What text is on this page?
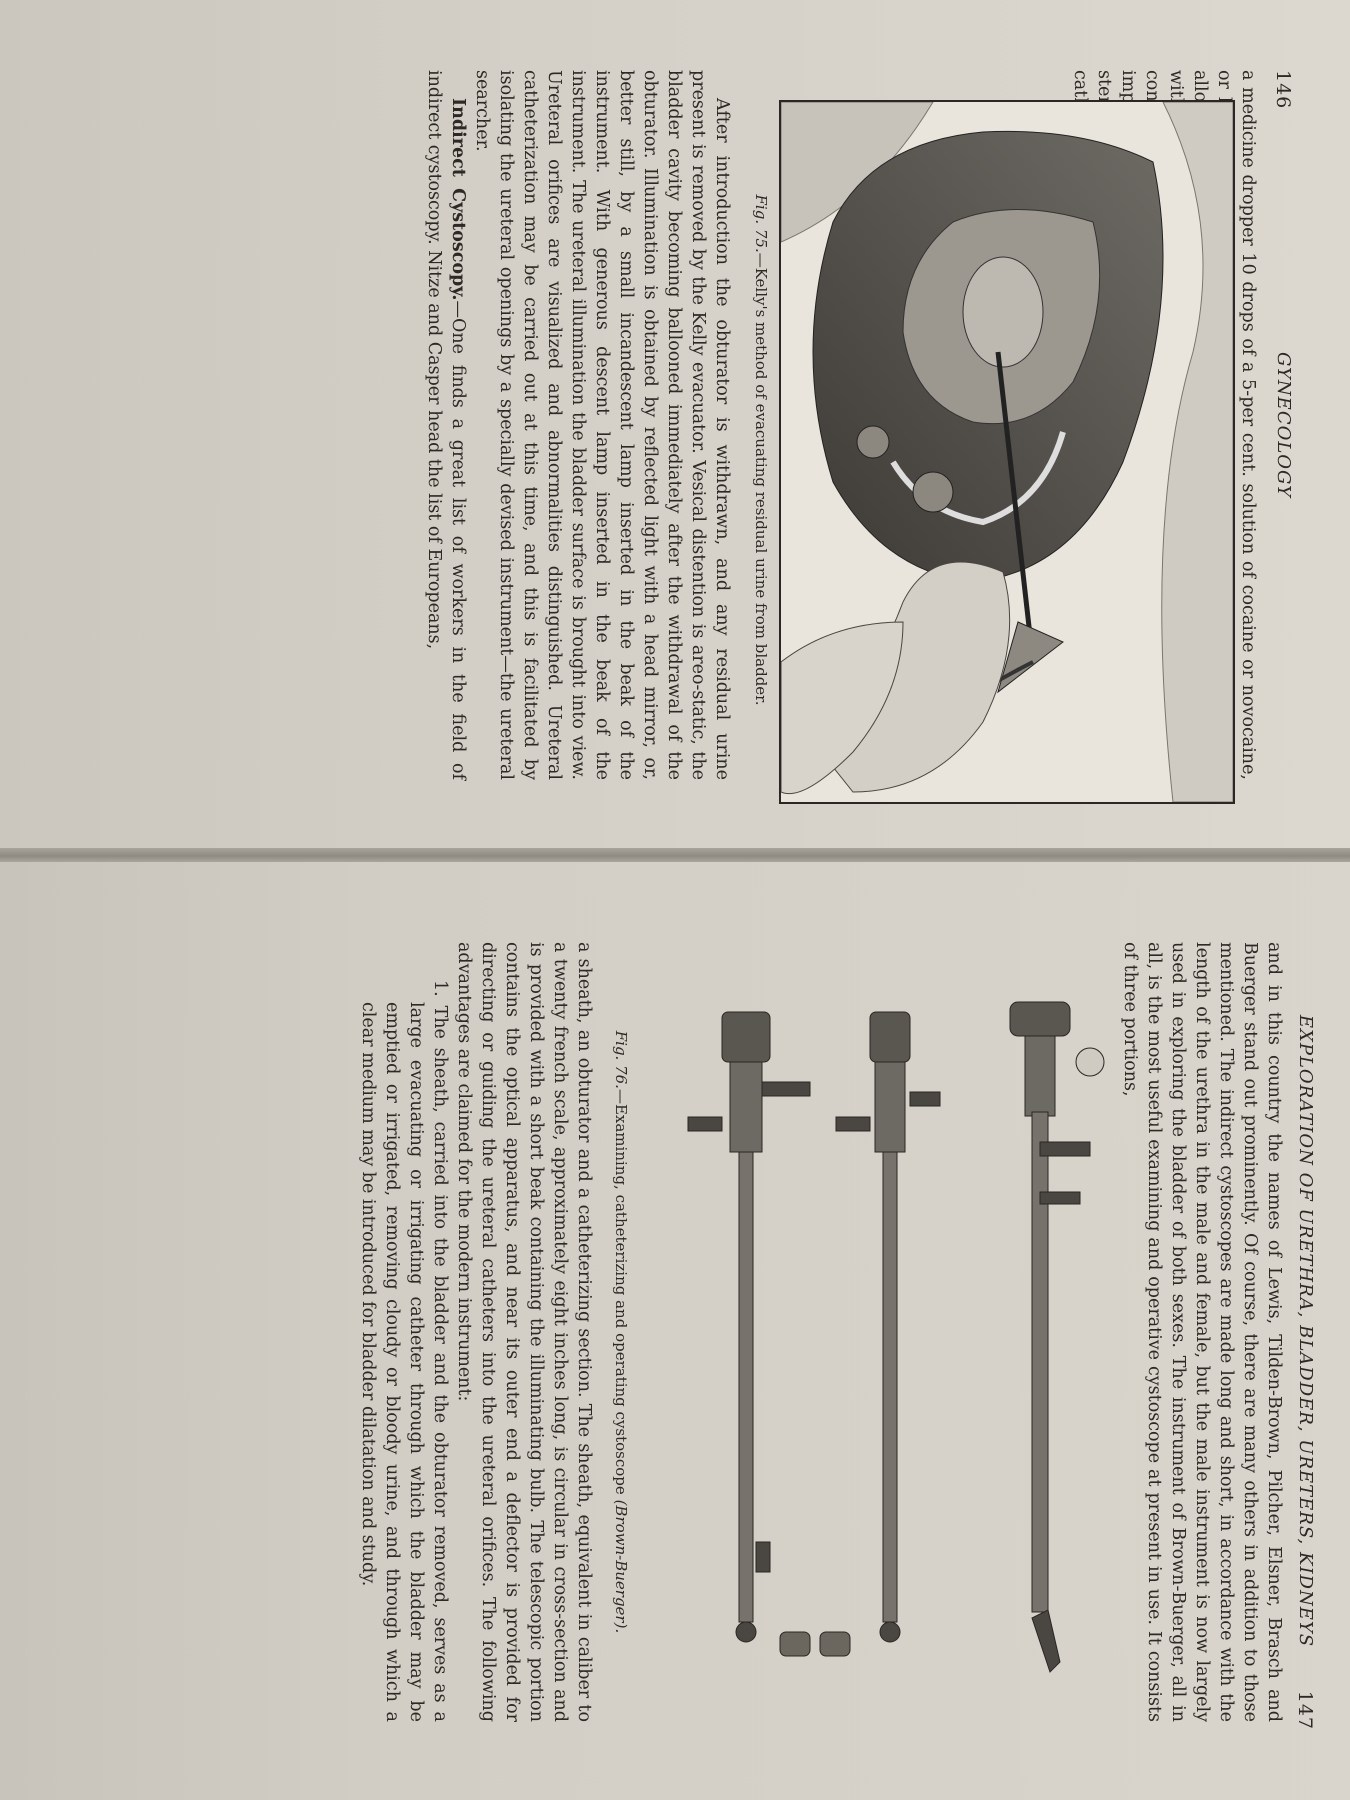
146
GYNECOLOGY

a medicine dropper 10 drops of a 5-per cent. solution of cocaine or novocaine, or with

Fig. 75.—Kelly's method of evacuating residual urine from bladder.

After introduction the obturator is withdrawn, and any residual urine present is removed by the Kelly evacuator. Vesical distention is areo-static, the bladder cavity becoming ballooned immediately after the withdrawal of the obturator. Illumination is obtained by reflected light with a head mirror, or, better still, by a small incandescent lamp inserted in the beak of the instrument. With generous descent lamp inserted in the beak of the instrument. The ureteral illumination the bladder surface is brought into view. Ureteral orifices are visualized and abnormalities distinguished. Ureteral catheterization may be carried out at this time, and this is facilitated by isolating the ureteral openings by a specially devised instrument—the ureteral searcher.

Indirect Cystoscopy.—One finds a great list of workers in the field of indirect cystoscopy. Nitze and Casper head the list of Europeans,

EXPLORATION OF URETHRA, BLADDER, URETERS, KIDNEYS
147

and in this country the names of Lewis, Tilden-Brown, Pilcher, Elsner, Brasch and Buerger stand out prominently. Of course, there are many others in addition to those mentioned. The indirect cystoscopes are made long and short, in accordance with the length of the urethra in the male and female, but the male instrument is now largely used in exploring the bladder of both sexes. The instrument of Brown-Buerger, all in all, is the most useful examining and operative cystoscope at present in use. It consists of three portions,

Fig. 76.—Examining, catheterizing and operating cystoscope (Brown-Buerger).

a sheath, an obturator and a catheterizing section. The sheath, equivalent in caliber to a twenty french scale, approximately eight inches long, is circular in cross-section and is provided with a short beak containing the illuminating bulb. The telescopic portion contains the optical apparatus, and near its outer end a deflector is provided for directing or guiding the ureteral catheters into the ureteral orifices. The following advantages are claimed for the modern instrument:

1. The sheath, carried into the bladder and the obturator removed, serves as a large evacuating or irrigating catheter through which the bladder may be emptied or irrigated, removing cloudy or bloody urine, and through which a clear medium may be introduced for bladder dilatation and study.
